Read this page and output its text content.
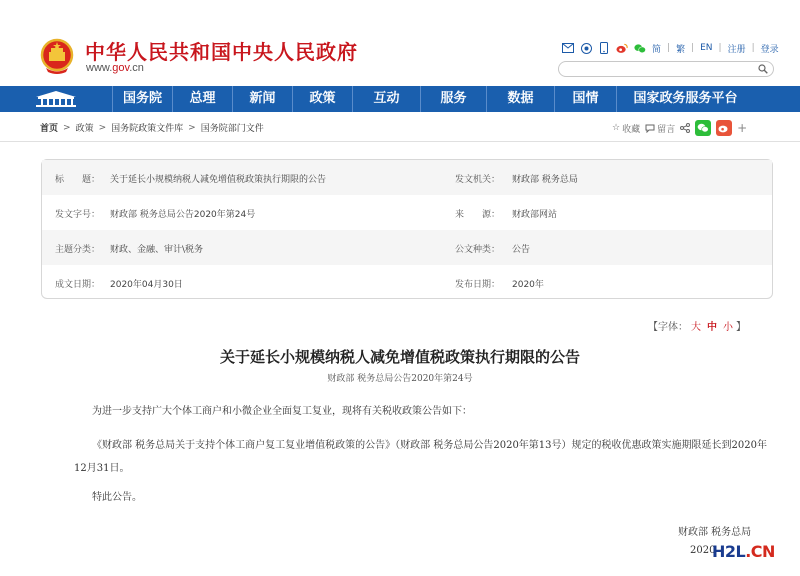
中华人民共和国中央人民政府
www.gov.cn
简 | 繁 | EN | 注册 | 登录
国务院	总理	新闻	政策	互动	服务	数据	国情	国家政务服务平台
首页 > 政策 > 国务院政策文件库 > 国务院部门文件	☆ 收藏 留言	+
标　　题： 关于延长小规模纳税人减免增值税政策执行期限的公告	发文机关： 财政部 税务总局
发文字号： 财政部 税务总局公告2020年第24号	来　　源： 财政部网站
主题分类： 财政、金融、审计\税务	公文种类： 公告
成文日期： 2020年04月30日	发布日期： 2020年
【字体： 大 中 小 】
关于延长小规模纳税人减免增值税政策执行期限的公告
财政部 税务总局公告2020年第24号
为进一步支持广大个体工商户和小微企业全面复工复业，现将有关税收政策公告如下：
《财政部 税务总局关于支持个体工商户复工复业增值税政策的公告》（财政部 税务总局公告2020年第13号）规定的税收优惠政策实施期限延长到2020年12月31日。
特此公告。
财政部 税务总局
2020
H2L.CN
